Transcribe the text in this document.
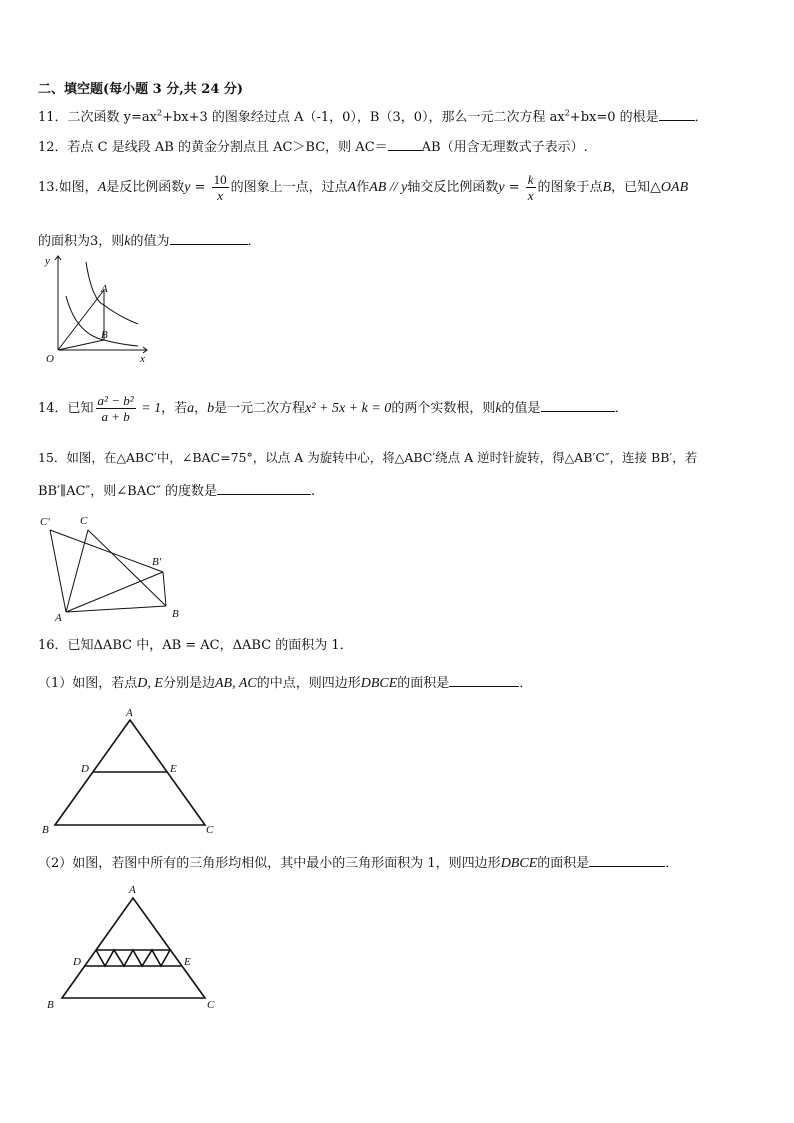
二、填空题(每小题 3 分,共 24 分)
11．二次函数 $y=ax^2+bx+3$ 的图象经过点 A（-1，0），B（3，0），那么一元二次方程 $ax^2+bx=0$ 的根是	．
12．若点 C 是线段 AB 的黄金分割点且 AC＞BC，则 AC＝	AB（用含无理数式子表示）.
13.如图，A是反比例函数$y = \frac{10}{x}$ 的图象上一点，过点A作AB // y轴交反比例函数$y = \frac{k}{x}$ 的图象于点B，已知△OAB
的面积为3，则k的值为	．
y
x
O
A
B
14．已知 $\frac{\text{a² − b²}}{a + b} = 1$，若a，b是一元二次方程x² + 5x + k = 0的两个实数根，则k的值是	．
15．如图，在△ABC′中，∠BAC=75°，以点 A 为旋转中心，将△ABC′绕点 A 逆时针旋转，得△AB′C″，连接 BB′，若
BB′∥AC″，则∠BAC″ 的度数是	.
C′	C
B′
A	B
16．已知ΔABC 中，AB = AC，ΔABC 的面积为 1．
（1）如图，若点D, E分别是边AB, AC的中点，则四边形DBCE的面积是	．
A
D	E
B	C
（2）如图，若图中所有的三角形均相似，其中最小的三角形面积为 1，则四边形DBCE的面积是	．
A
D	E
B	C
